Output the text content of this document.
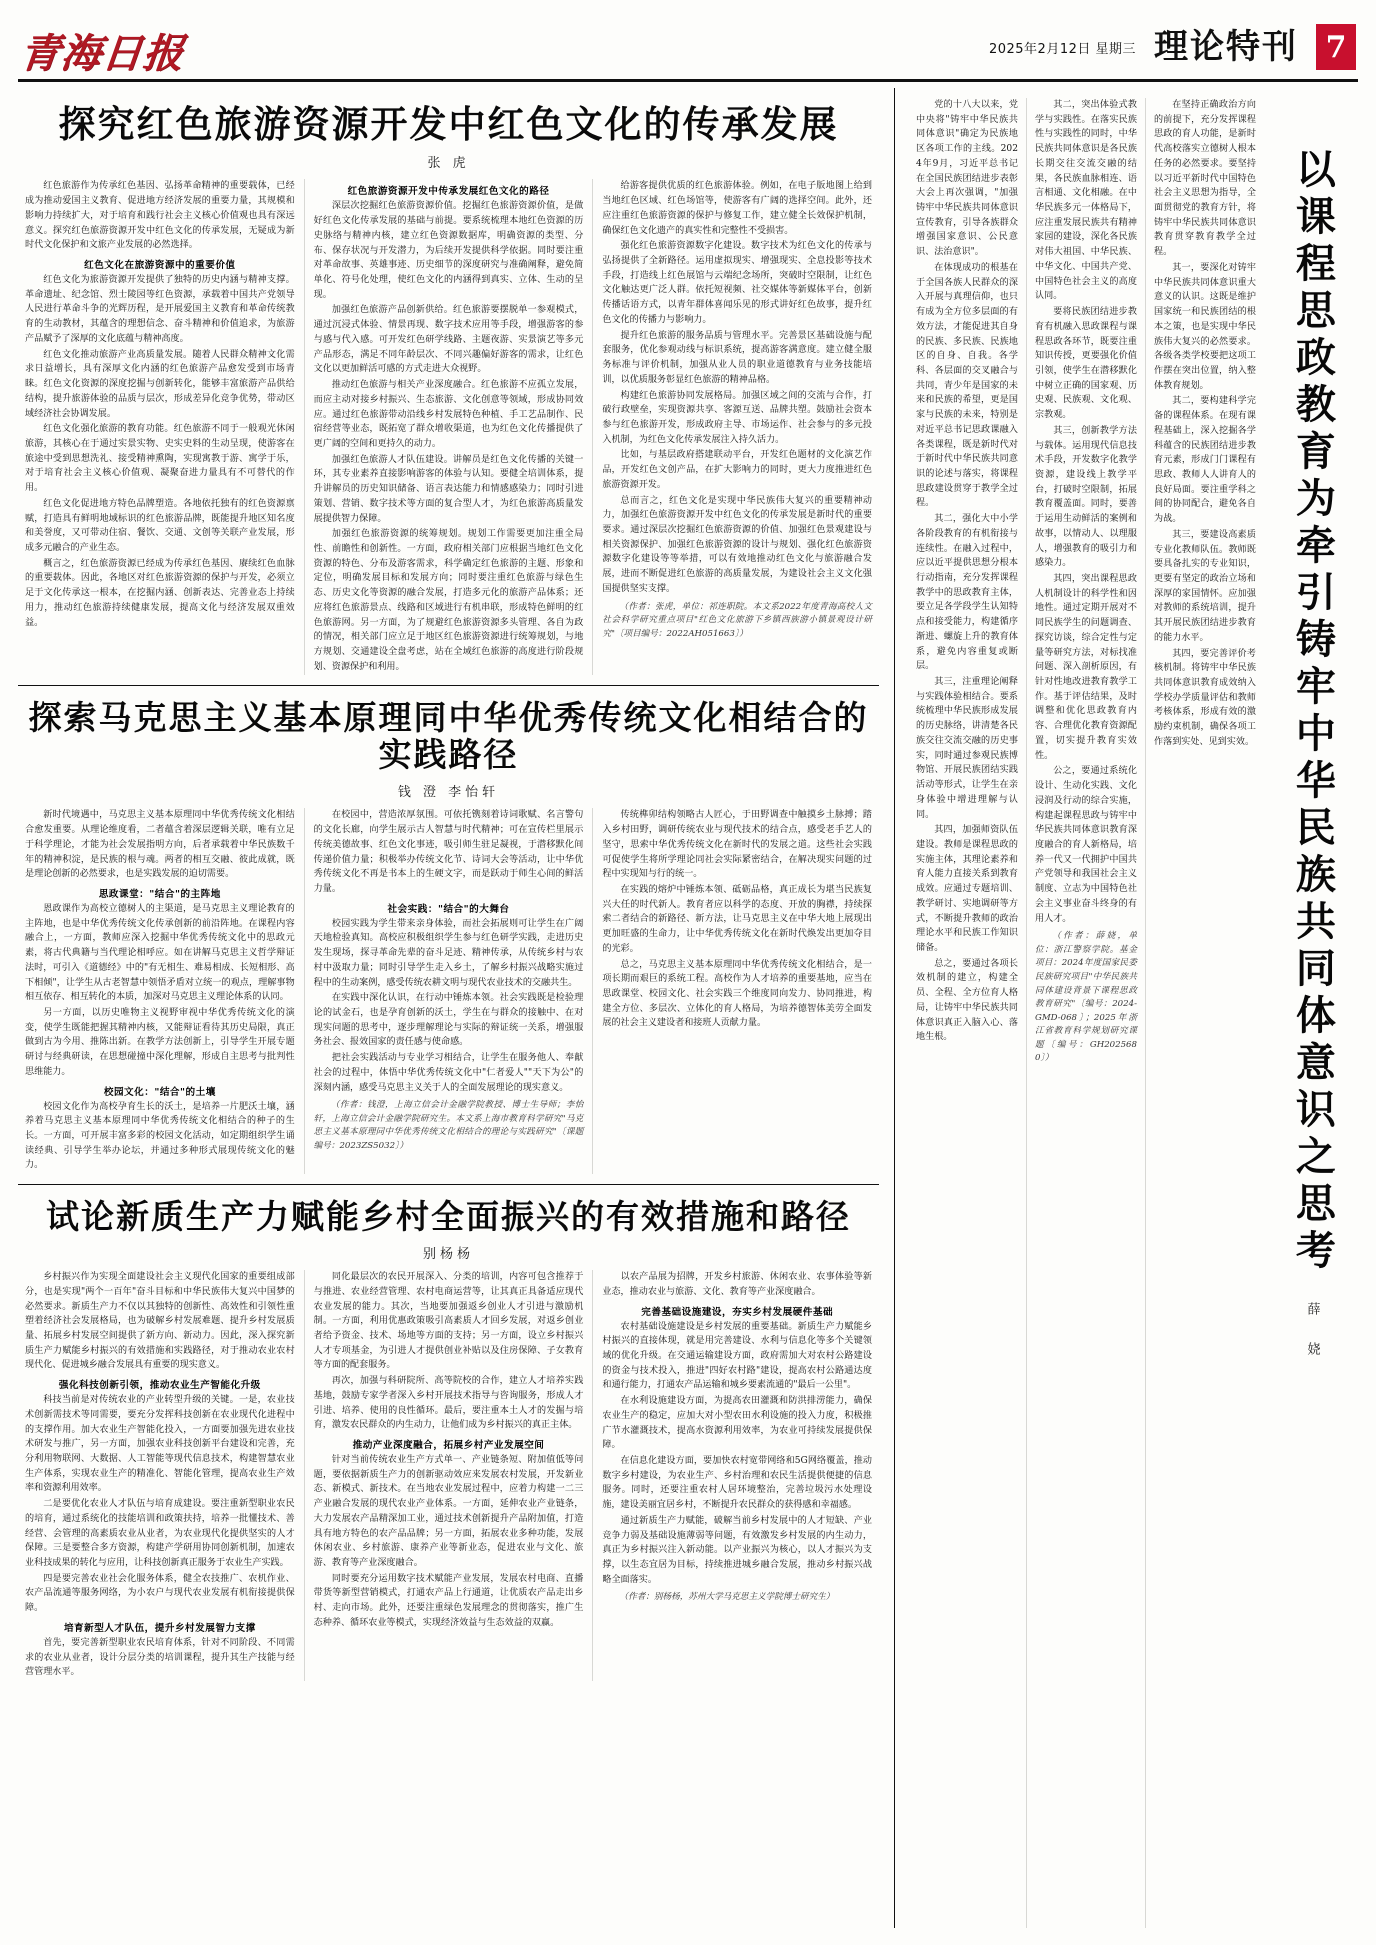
青海日报	2025年2月12日 星期三 理论特刊 7
探究红色旅游资源开发中红色文化的传承发展
张 虎
红色旅游作为传承红色基因、弘扬革命精神的重要载体，已经成为推动爱国主义教育、促进地方经济发展的重要力量，其规模和影响力持续扩大，对于培育和践行社会主义核心价值观也具有深远意义。探究红色旅游资源开发中红色文化的传承发展，无疑成为新时代文化保护和文旅产业发展的必然选择。
红色文化在旅游资源中的重要价值
红色文化为旅游资源开发提供了独特的历史内涵与精神支撑。革命遗址、纪念馆、烈士陵园等红色资源，承载着中国共产党领导人民进行革命斗争的光辉历程，是开展爱国主义教育和革命传统教育的生动教材，其蕴含的理想信念、奋斗精神和价值追求，为旅游产品赋予了深厚的文化底蕴与精神高度。
红色文化推动旅游产业高质量发展。随着人民群众精神文化需求日益增长，具有深厚文化内涵的红色旅游产品愈发受到市场青睐。红色文化资源的深度挖掘与创新转化，能够丰富旅游产品供给结构，提升旅游体验的品质与层次，形成差异化竞争优势，带动区域经济社会协调发展。
红色文化强化旅游的教育功能。红色旅游不同于一般观光休闲旅游，其核心在于通过实景实物、史实史料的生动呈现，使游客在旅途中受到思想洗礼、接受精神熏陶，实现寓教于游、寓学于乐，对于培育社会主义核心价值观、凝聚奋进力量具有不可替代的作用。
红色文化促进地方特色品牌塑造。各地依托独有的红色资源禀赋，打造具有鲜明地域标识的红色旅游品牌，既能提升地区知名度和美誉度，又可带动住宿、餐饮、交通、文创等关联产业发展，形成多元融合的产业生态。
概言之，红色旅游资源已经成为传承红色基因、赓续红色血脉的重要载体。因此，各地区对红色旅游资源的保护与开发，必须立足于文化传承这一根本，在挖掘内涵、创新表达、完善业态上持续用力，推动红色旅游持续健康发展，提高文化与经济发展双重效益。
红色旅游资源开发中传承发展红色文化的路径
深层次挖掘红色旅游资源价值。挖掘红色旅游资源价值，是做好红色文化传承发展的基础与前提。要系统梳理本地红色资源的历史脉络与精神内核，建立红色资源数据库，明确资源的类型、分布、保存状况与开发潜力，为后续开发提供科学依据。同时要注重对革命故事、英雄事迹、历史细节的深度研究与准确阐释，避免简单化、符号化处理，使红色文化的内涵得到真实、立体、生动的呈现。
加强红色旅游产品创新供给。红色旅游要摆脱单一参观模式，通过沉浸式体验、情景再现、数字技术应用等手段，增强游客的参与感与代入感。可开发红色研学线路、主题夜游、实景演艺等多元产品形态，满足不同年龄层次、不同兴趣偏好游客的需求，让红色文化以更加鲜活可感的方式走进大众视野。
推动红色旅游与相关产业深度融合。红色旅游不应孤立发展，而应主动对接乡村振兴、生态旅游、文化创意等领域，形成协同效应。通过红色旅游带动沿线乡村发展特色种植、手工艺品制作、民宿经营等业态，既拓宽了群众增收渠道，也为红色文化传播提供了更广阔的空间和更持久的动力。
加强红色旅游人才队伍建设。讲解员是红色文化传播的关键一环，其专业素养直接影响游客的体验与认知。要健全培训体系，提升讲解员的历史知识储备、语言表达能力和情感感染力；同时引进策划、营销、数字技术等方面的复合型人才，为红色旅游高质量发展提供智力保障。
加强红色旅游资源的统筹规划。规划工作需要更加注重全局性、前瞻性和创新性。一方面，政府相关部门应根据当地红色文化资源的特色、分布及游客需求，科学确定红色旅游的主题、形象和定位，明确发展目标和发展方向；同时要注重红色旅游与绿色生态、历史文化等资源的融合发展，打造多元化的旅游产品体系；还应将红色旅游景点、线路和区域进行有机串联，形成特色鲜明的红色旅游网。另一方面，为了规避红色旅游资源多头管理、各自为政的情况，相关部门应立足于地区红色旅游资源进行统筹规划，与地方规划、交通建设全盘考虑，站在全域红色旅游的高度进行阶段规划、资源保护和利用。
给游客提供优质的红色旅游体验。例如，在电子版地图上给到当地红色区域、红色场馆等，使游客有广阔的选择空间。此外，还应注重红色旅游资源的保护与修复工作，建立健全长效保护机制，确保红色文化遗产的真实性和完整性不受损害。
强化红色旅游资源数字化建设。数字技术为红色文化的传承与弘扬提供了全新路径。运用虚拟现实、增强现实、全息投影等技术手段，打造线上红色展馆与云端纪念场所，突破时空限制，让红色文化触达更广泛人群。依托短视频、社交媒体等新媒体平台，创新传播话语方式，以青年群体喜闻乐见的形式讲好红色故事，提升红色文化的传播力与影响力。
提升红色旅游的服务品质与管理水平。完善景区基础设施与配套服务，优化参观动线与标识系统，提高游客满意度。建立健全服务标准与评价机制，加强从业人员的职业道德教育与业务技能培训，以优质服务彰显红色旅游的精神品格。
构建红色旅游协同发展格局。加强区域之间的交流与合作，打破行政壁垒，实现资源共享、客源互送、品牌共塑。鼓励社会资本参与红色旅游开发，形成政府主导、市场运作、社会参与的多元投入机制，为红色文化传承发展注入持久活力。
比如，与基层政府搭建联动平台，开发红色题材的文化演艺作品，开发红色文创产品，在扩大影响力的同时，更大力度推进红色旅游资源开发。
总而言之，红色文化是实现中华民族伟大复兴的重要精神动力，加强红色旅游资源开发中红色文化的传承发展是新时代的重要要求。通过深层次挖掘红色旅游资源的价值、加强红色景观建设与相关资源保护、加强红色旅游资源的设计与规划、强化红色旅游资源数字化建设等等举措，可以有效地推动红色文化与旅游融合发展，进而不断促进红色旅游的高质量发展，为建设社会主义文化强国提供坚实支撑。
（作者：张虎，单位：祁连职院。本文系2022年度青海高校人文社会科学研究重点项目"红色文化旅游下乡镇西族游小镇景观设计研究"〔项目编号：2022AH051663〕）
探索马克思主义基本原理同中华优秀传统文化相结合的实践路径
钱 澄 李怡轩
新时代境遇中，马克思主义基本原理同中华优秀传统文化相结合愈发重要。从理论维度看，二者蕴含着深层逻辑关联，唯有立足于科学理论，才能为社会发展指明方向，后者承载着中华民族数千年的精神积淀，是民族的根与魂。两者的相互交融、彼此成就，既是理论创新的必然要求，也是实践发展的迫切需要。
思政课堂："结合"的主阵地
恩政课作为高校立德树人的主渠道，是马克思主义理论教育的主阵地，也是中华优秀传统文化传承创新的前沿阵地。在课程内容融合上，一方面，教师应深入挖掘中华优秀传统文化中的思政元素，将古代典籍与当代理论相呼应。如在讲解马克思主义哲学辩证法时，可引入《道德经》中的"有无相生、难易相成、长短相形、高下相倾"，让学生从古老智慧中领悟矛盾对立统一的观点，理解事物相互依存、相互转化的本质，加深对马克思主义理论体系的认同。
另一方面，以历史唯物主义视野审视中华优秀传统文化的演变，使学生既能把握其精神内核，又能辩证看待其历史局限，真正做到古为今用、推陈出新。在教学方法创新上，引导学生开展专题研讨与经典研读，在思想碰撞中深化理解，形成自主思考与批判性思维能力。
校园文化："结合"的土壤
校园文化作为高校孕育生长的沃土，是培养一片肥沃土壤，涵养着马克思主义基本原理同中华优秀传统文化相结合的种子的生长。一方面，可开展丰富多彩的校园文化活动，如定期组织学生诵读经典、引导学生举办论坛，并通过多种形式展现传统文化的魅力。
在校园中，营造浓厚氛围。可依托镌刻着诗词歌赋、名言警句的文化长廊，向学生展示古人智慧与时代精神；可在宣传栏里展示传统美德故事、红色文化事迹，吸引师生驻足凝视，于潜移默化间传递价值力量；积极举办传统文化节、诗词大会等活动，让中华优秀传统文化不再是书本上的生硬文字，而是跃动于师生心间的鲜活力量。
社会实践："结合"的大舞台
校园实践为学生带来亲身体验，而社会拓展则可让学生在广阔天地检验真知。高校应积极组织学生参与红色研学实践，走进历史发生现场，探寻革命先辈的奋斗足迹、精神传承，从传统乡村与农村中汲取力量；同时引导学生走入乡土，了解乡村振兴战略实施过程中的生动案例，感受传统农耕文明与现代农业技术的交融共生。
在实践中深化认识，在行动中锤炼本领。社会实践既是检验理论的试金石，也是孕育创新的沃土，学生在与群众的接触中、在对现实问题的思考中，逐步理解理论与实际的辩证统一关系，增强服务社会、报效国家的责任感与使命感。
把社会实践活动与专业学习相结合，让学生在服务他人、奉献社会的过程中，体悟中华优秀传统文化中"仁者爱人""天下为公"的深刻内涵，感受马克思主义关于人的全面发展理论的现实意义。
（作者：钱澄，上海立信会计金融学院教授、博士生导师；李怡轩，上海立信会计金融学院研究生。本文系上海市教育科学研究"马克思主义基本原理同中华优秀传统文化相结合的理论与实践研究"〔课题编号：2023ZS5032〕）
传统榫卯结构领略古人匠心，于田野调查中触摸乡土脉搏；踏入乡村田野，调研传统农业与现代技术的结合点，感受老手艺人的坚守，思索中华优秀传统文化在新时代的发展之道。这些社会实践可促使学生将所学理论同社会实际紧密结合，在解决现实问题的过程中实现知与行的统一。
在实践的熔炉中锤炼本领、砥砺品格，真正成长为堪当民族复兴大任的时代新人。教育者应以科学的态度、开放的胸襟，持续探索二者结合的新路径、新方法，让马克思主义在中华大地上展现出更加旺盛的生命力，让中华优秀传统文化在新时代焕发出更加夺目的光彩。
总之，马克思主义基本原理同中华优秀传统文化相结合，是一项长期而艰巨的系统工程。高校作为人才培养的重要基地，应当在思政课堂、校园文化、社会实践三个维度同向发力、协同推进，构建全方位、多层次、立体化的育人格局，为培养德智体美劳全面发展的社会主义建设者和接班人贡献力量。
试论新质生产力赋能乡村全面振兴的有效措施和路径
别杨杨
乡村振兴作为实现全面建设社会主义现代化国家的重要组成部分，也是实现"两个一百年"奋斗目标和中华民族伟大复兴中国梦的必然要求。新质生产力不仅以其独特的创新性、高效性和引领性重塑着经济社会发展格局，也为破解乡村发展难题、提升乡村发展质量、拓展乡村发展空间提供了新方向、新动力。因此，深入探究新质生产力赋能乡村振兴的有效措施和实践路径，对于推动农业农村现代化、促进城乡融合发展具有重要的现实意义。
强化科技创新引领，推动农业生产智能化升级
科技当前是对传统农业的产业转型升级的关键。一是，农业技术创新需技术等同需要，要充分发挥科技创新在农业现代化进程中的支撑作用。加大农业生产智能化投入，一方面要加强先进农业技术研发与推广，另一方面，加强农业科技创新平台建设和完善，充分利用物联网、大数据、人工智能等现代信息技术，构建智慧农业生产体系，实现农业生产的精准化、智能化管理，提高农业生产效率和资源利用效率。
二是要优化农业人才队伍与培育成建设。要注重新型职业农民的培育，通过系统化的技能培训和政策扶持，培养一批懂技术、善经营、会管理的高素质农业从业者，为农业现代化提供坚实的人才保障。三是要整合多方资源，构建产学研用协同创新机制，加速农业科技成果的转化与应用，让科技创新真正服务于农业生产实践。
四是要完善农业社会化服务体系，健全农技推广、农机作业、农产品流通等服务网络，为小农户与现代农业发展有机衔接提供保障。
培育新型人才队伍，提升乡村发展智力支撑
首先，要完善新型职业农民培育体系，针对不同阶段、不同需求的农业从业者，设计分层分类的培训课程，提升其生产技能与经营管理水平。
同化最层次的农民开展深入、分类的培训，内容可包含推荐于与推进、农业经营管理、农村电商运营等，让其真正具备适应现代农业发展的能力。其次，当地要加强返乡创业人才引进与激励机制。一方面，利用优惠政策吸引高素质人才回乡发展，对返乡创业者给予资金、技术、场地等方面的支持；另一方面，设立乡村振兴人才专项基金，为引进人才提供创业补贴以及住房保障、子女教育等方面的配套服务。
再次，加强与科研院所、高等院校的合作，建立人才培养实践基地，鼓励专家学者深入乡村开展技术指导与咨询服务，形成人才引进、培养、使用的良性循环。最后，要注重本土人才的发掘与培育，激发农民群众的内生动力，让他们成为乡村振兴的真正主体。
推动产业深度融合，拓展乡村产业发展空间
针对当前传统农业生产方式单一、产业链条短、附加值低等问题，要依据新质生产力的创新驱动效应来发展农村发展，开发新业态、新模式、新技术。在当地农业发展过程中，应着力构建一二三产业融合发展的现代农业产业体系。一方面，延伸农业产业链条，大力发展农产品精深加工业，通过技术创新提升产品附加值，打造具有地方特色的农产品品牌；另一方面，拓展农业多种功能，发展休闲农业、乡村旅游、康养产业等新业态，促进农业与文化、旅游、教育等产业深度融合。
同时要充分运用数字技术赋能产业发展，发展农村电商、直播带货等新型营销模式，打通农产品上行通道，让优质农产品走出乡村、走向市场。此外，还要注重绿色发展理念的贯彻落实，推广生态种养、循环农业等模式，实现经济效益与生态效益的双赢。
以农产品展为招牌，开发乡村旅游、休闲农业、农事体验等新业态，推动农业与旅游、文化、教育等产业深度融合。
完善基础设施建设，夯实乡村发展硬件基础
农村基础设施建设是乡村发展的重要基础。新质生产力赋能乡村振兴的直接体现，就是用完善建设、水利与信息化等多个关键领域的优化升级。在交通运输建设方面，政府需加大对农村公路建设的资金与技术投入，推进"四好农村路"建设，提高农村公路通达度和通行能力，打通农产品运输和城乡要素流通的"最后一公里"。
在水利设施建设方面，为提高农田灌溉和防洪排涝能力，确保农业生产的稳定，应加大对小型农田水利设施的投入力度，积极推广节水灌溉技术，提高水资源利用效率，为农业可持续发展提供保障。
在信息化建设方面，要加快农村宽带网络和5G网络覆盖，推动数字乡村建设，为农业生产、乡村治理和农民生活提供便捷的信息服务。同时，还要注重农村人居环境整治，完善垃圾污水处理设施，建设美丽宜居乡村，不断提升农民群众的获得感和幸福感。
通过新质生产力赋能，破解当前乡村发展中的人才短缺、产业竞争力弱及基础设施薄弱等问题，有效激发乡村发展的内生动力，真正为乡村振兴注入新动能。以产业振兴为核心，以人才振兴为支撑，以生态宜居为目标，持续推进城乡融合发展，推动乡村振兴战略全面落实。
（作者：别杨杨，苏州大学马克思主义学院博士研究生）
以课程思政教育为牵引铸牢中华民族共同体意识之思考
薛 娆
党的十八大以来，党中央将"铸牢中华民族共同体意识"确定为民族地区各项工作的主线。2024年9月，习近平总书记在全国民族团结进步表彰大会上再次强调，"加强铸牢中华民族共同体意识宣传教育，引导各族群众增强国家意识、公民意识、法治意识"。
在体现成功的根基在于全国各族人民群众的深入开展与真理信仰，也只有成为全方位多层面的有效方法，才能促进其自身的民族、多民族、民族地区的自身、自我。各学科、各层面的交叉融合与共同，青少年是国家的未来和民族的希望，更是国家与民族的未来，特别是对近平总书记思政课融入各类课程，既是新时代对于新时代中华民族共同意识的论述与落实，将课程思政建设贯穿于教学全过程。
其二，强化大中小学各阶段教育的有机衔接与连续性。在融入过程中，应以近平提供思想分根本行动指南，充分发挥课程教学中的思政教育主体，要立足各学段学生认知特点和接受能力，构建循序渐进、螺旋上升的教育体系，避免内容重复或断层。
其三，注重理论阐释与实践体验相结合。要系统梳理中华民族形成发展的历史脉络，讲清楚各民族交往交流交融的历史事实，同时通过参观民族博物馆、开展民族团结实践活动等形式，让学生在亲身体验中增进理解与认同。
其四，加强师资队伍建设。教师是课程思政的实施主体，其理论素养和育人能力直接关系到教育成效。应通过专题培训、教学研讨、实地调研等方式，不断提升教师的政治理论水平和民族工作知识储备。
总之，要通过各项长效机制的建立，构建全员、全程、全方位育人格局，让铸牢中华民族共同体意识真正入脑入心、落地生根。
其二，突出体验式教学与实践性。在落实民族性与实践性的同时，中华民族共同体意识是各民族长期交往交流交融的结果，各民族血脉相连、语言相通、文化相融。在中华民族多元一体格局下，应注重发展民族共有精神家园的建设，深化各民族对伟大祖国、中华民族、中华文化、中国共产党、中国特色社会主义的高度认同。
要将民族团结进步教育有机融入思政课程与课程思政各环节，既要注重知识传授，更要强化价值引领，使学生在潜移默化中树立正确的国家观、历史观、民族观、文化观、宗教观。
其三，创新教学方法与载体。运用现代信息技术手段，开发数字化教学资源，建设线上教学平台，打破时空限制，拓展教育覆盖面。同时，要善于运用生动鲜活的案例和故事，以情动人、以理服人，增强教育的吸引力和感染力。
其四，突出课程思政人机制设计的科学性和因地性。通过定期开展对不同民族学生的问题调查、探究访谈，综合定性与定量等研究方法，对标找准问题、深入剖析原因，有针对性地改进教育教学工作。基于评估结果，及时调整和优化思政教育内容、合理优化教育资源配置，切实提升教育实效性。
公之，要通过系统化设计、生动化实践、文化浸润及行动的综合实施，构建起课程思政与铸牢中华民族共同体意识教育深度融合的育人新格局，培养一代又一代拥护中国共产党领导和我国社会主义制度、立志为中国特色社会主义事业奋斗终身的有用人才。
（作者：薛娆，单位：浙江警察学院。基金项目：2024年度国家民委民族研究项目"中华民族共同体建设背景下课程思政教育研究"〔编号：2024-GMD-068〕；2025年浙江省教育科学规划研究课题〔编号：GH2025680〕）
在坚持正确政治方向的前提下，充分发挥课程思政的育人功能，是新时代高校落实立德树人根本任务的必然要求。要坚持以习近平新时代中国特色社会主义思想为指导，全面贯彻党的教育方针，将铸牢中华民族共同体意识教育贯穿教育教学全过程。
其一，要深化对铸牢中华民族共同体意识重大意义的认识。这既是维护国家统一和民族团结的根本之策，也是实现中华民族伟大复兴的必然要求。各级各类学校要把这项工作摆在突出位置，纳入整体教育规划。
其二，要构建科学完备的课程体系。在现有课程基础上，深入挖掘各学科蕴含的民族团结进步教育元素，形成门门课程有思政、教师人人讲育人的良好局面。要注重学科之间的协同配合，避免各自为战。
其三，要建设高素质专业化教师队伍。教师既要具备扎实的专业知识，更要有坚定的政治立场和深厚的家国情怀。应加强对教师的系统培训，提升其开展民族团结进步教育的能力水平。
其四，要完善评价考核机制。将铸牢中华民族共同体意识教育成效纳入学校办学质量评估和教师考核体系，形成有效的激励约束机制，确保各项工作落到实处、见到实效。
